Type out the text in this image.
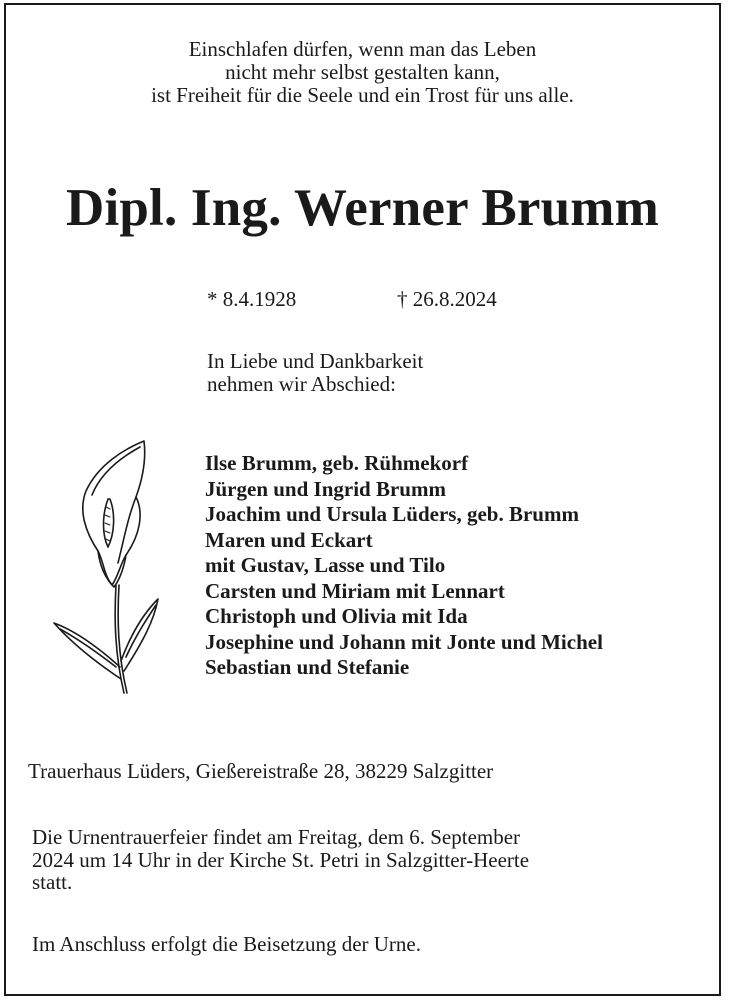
Einschlafen dürfen, wenn man das Leben
nicht mehr selbst gestalten kann,
ist Freiheit für die Seele und ein Trost für uns alle.
Dipl. Ing. Werner Brumm
* 8.4.1928	† 26.8.2024
In Liebe und Dankbarkeit
nehmen wir Abschied:
Ilse Brumm, geb. Rühmekorf
Jürgen und Ingrid Brumm
Joachim und Ursula Lüders, geb. Brumm
Maren und Eckart
mit Gustav, Lasse und Tilo
Carsten und Miriam mit Lennart
Christoph und Olivia mit Ida
Josephine und Johann mit Jonte und Michel
Sebastian und Stefanie
Trauerhaus Lüders, Gießereistraße 28, 38229 Salzgitter
Die Urnentrauerfeier findet am Freitag, dem 6. September
2024 um 14 Uhr in der Kirche St. Petri in Salzgitter-Heerte
statt.
Im Anschluss erfolgt die Beisetzung der Urne.
